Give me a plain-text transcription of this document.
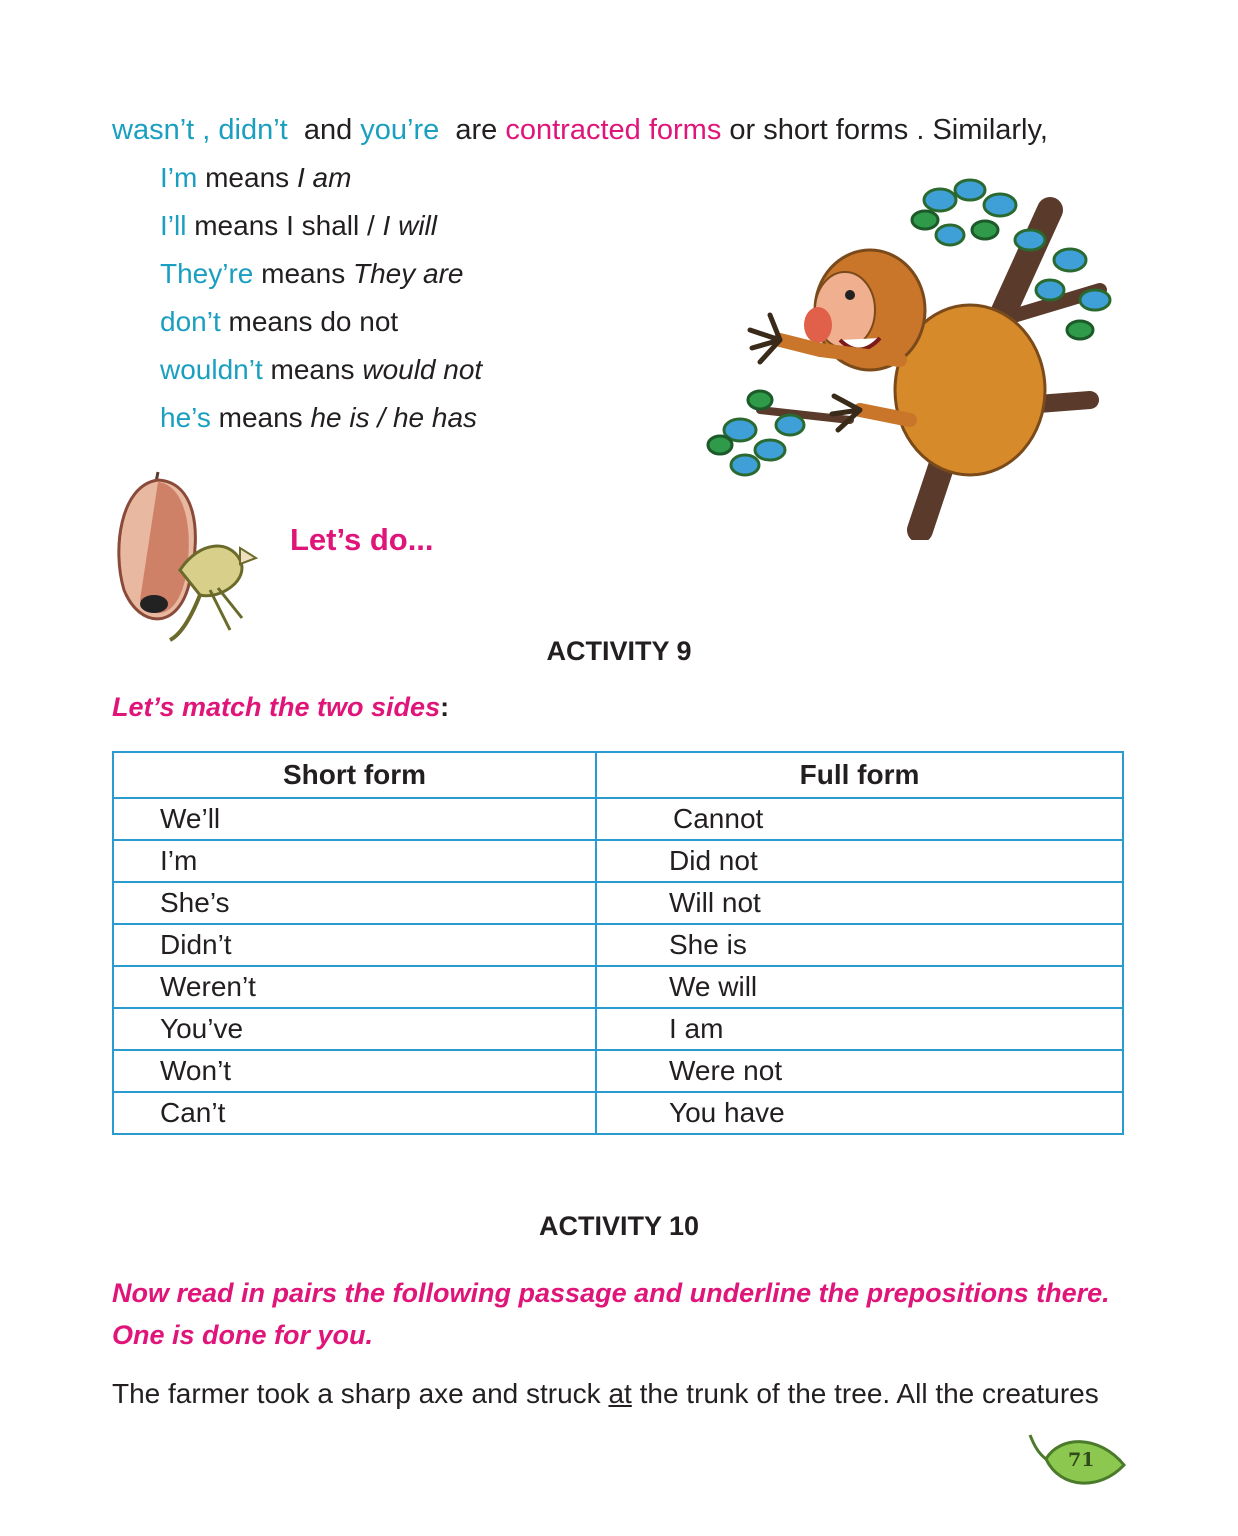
wasn’t , didn’t  and you’re  are contracted forms or short forms . Similarly,
I’m means I am
I’ll means I shall / I will
They’re means They are
don’t means do not
wouldn’t means would not
he’s means he is / he has
Let’s do...
ACTIVITY 9
Let’s match the two sides:
Short form	Full form
We’ll	Cannot
I’m	Did not
She’s	Will not
Didn’t	She is
Weren’t	We will
You’ve	I am
Won’t	Were not
Can’t	You have
ACTIVITY 10
Now read in pairs the following passage and underline the prepositions there.
One is done for you.
The farmer took a sharp axe and struck at the trunk of the tree. All the creatures
71
